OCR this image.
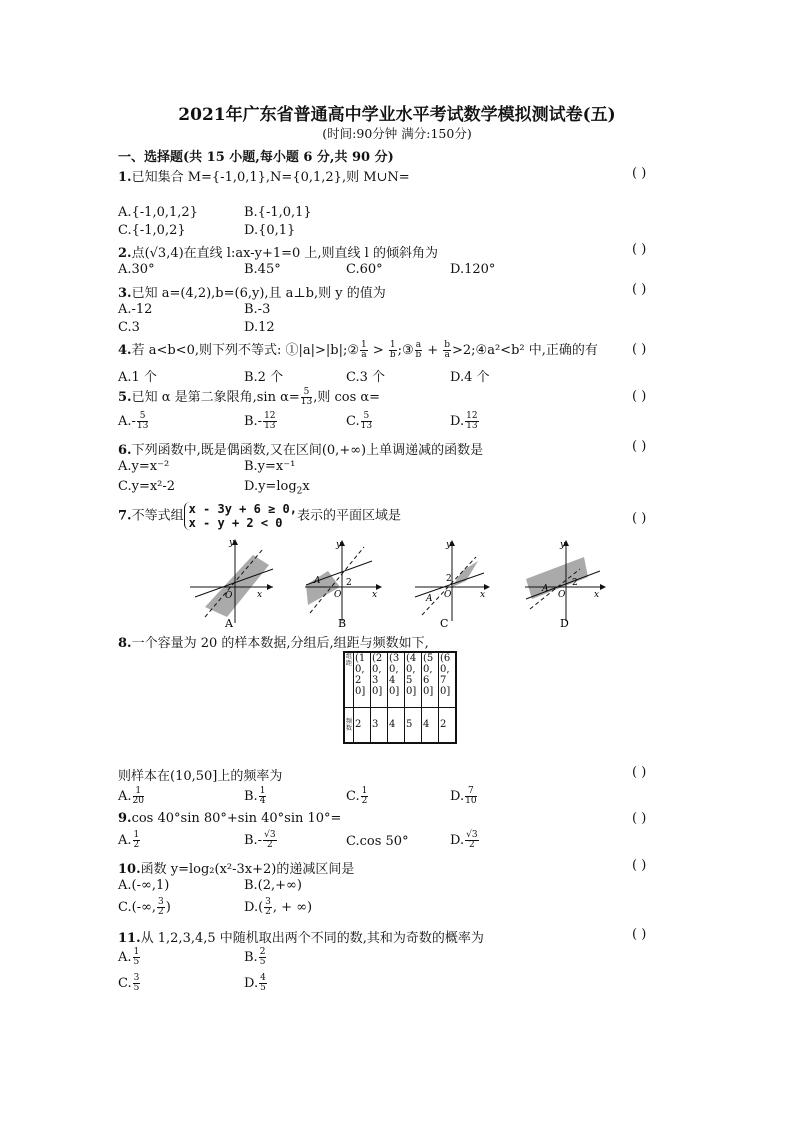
2021年广东省普通高中学业水平考试数学模拟测试卷(五)
(时间:90分钟 满分:150分)
一、选择题(共 15 小题,每小题 6 分,共 90 分)
1.已知集合 M={-1,0,1},N={0,1,2},则 M∪N=	( )
A.{-1,0,1,2}	B.{-1,0,1}
C.{-1,0,2}	D.{0,1}
2.点(√3,4)在直线 l:ax-y+1=0 上,则直线 l 的倾斜角为	( )
A.30°	B.45°	C.60°	D.120°
3.已知 a=(4,2),b=(6,y),且 a⊥b,则 y 的值为	( )
A.-12	B.-3
C.3	D.12
4.若 a<b<0,则下列不等式: ①|a|>|b|;② $\frac{1}{a} > \frac{1}{b}$ ;③ $\frac{a}{b} + \frac{b}{a}$ >2;④a²<b² 中,正确的有	( )
A.1 个	B.2 个	C.3 个	D.4 个
5.已知 α 是第二象限角,sin $\alpha= \frac{5}{13}$ ,则 cos α=	( )
$A.- \frac{5}{13}$	$B.- \frac{12}{13}$	C. $\frac{5}{13}$	D. $\frac{12}{13}$
6.下列函数中,既是偶函数,又在区间(0,+∞)上单调递减的函数是	( )
A.y=x⁻²	B.y=x⁻¹
C.y=x²-2	$D.y=\log_2x$
7.不等式组 x - 3y + 6 ≥ 0,
x - y + 2 < 0	表示的平面区域是	( )
y
x
O
A
y
x
O
A	2
B
y
x
O
A
2
C
y
x
O
A
2
D
8.一个容量为 20 的样本数据,分组后,组距与频数如下,
组距	(10,20]	(20,30]	(30,40]	(40,50]	(50,60]	(60,70]
频数	2	3	4	5	4	2
则样本在(10,50]上的频率为	( )
A. $\frac{1}{20}$	B. $\frac{1}{4}$	C. $\frac{1}{2}$	D. $\frac{7}{10}$
9.cos 40°sin 80°+sin 40°sin 10°=	( )
A. $\frac{1}{2}$	$B.- \frac{√3}{2}$	C.cos 50°	D. $\frac{√3}{2}$
10.函数 y=log₂(x²-3x+2)的递减区间是	( )
A.(-∞,1)	B.(2,+∞)
C.(-∞, $\frac{3}{2}$ )	$D.( \frac{3}{2}$ , + ∞)
11.从 1,2,3,4,5 中随机取出两个不同的数,其和为奇数的概率为	( )
A. $\frac{1}{5}$	B. $\frac{2}{5}$
C. $\frac{3}{5}$	D. $\frac{4}{5}$
